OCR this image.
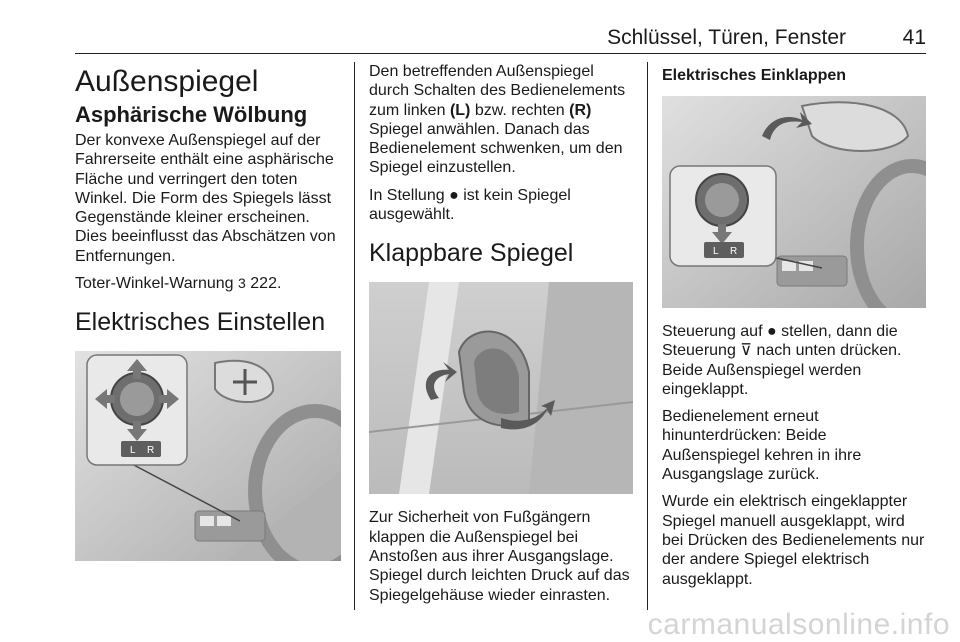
Schlüssel, Türen, Fenster	41
Außenspiegel
Asphärische Wölbung
Der konvexe Außenspiegel auf der Fahrerseite enthält eine asphärische Fläche und verringert den toten Winkel. Die Form des Spiegels lässt Gegenstände kleiner erscheinen. Dies beeinflusst das Abschätzen von Entfernungen.
Toter-Winkel-Warnung 3 222.
Elektrisches Einstellen
L R
Den betreffenden Außenspiegel durch Schalten des Bedienelements zum linken (L) bzw. rechten (R) Spiegel anwählen. Danach das Bedienelement schwenken, um den Spiegel einzustellen.
In Stellung ● ist kein Spiegel ausgewählt.
Klappbare Spiegel
Zur Sicherheit von Fußgängern klappen die Außenspiegel bei Anstoßen aus ihrer Ausgangslage. Spiegel durch leichten Druck auf das Spiegelgehäuse wieder einrasten.
Elektrisches Einklappen
L R
Steuerung auf ● stellen, dann die Steuerung ⊽ nach unten drücken. Beide Außenspiegel werden eingeklappt.
Bedienelement erneut hinunterdrücken: Beide Außenspiegel kehren in ihre Ausgangslage zurück.
Wurde ein elektrisch eingeklappter Spiegel manuell ausgeklappt, wird bei Drücken des Bedienelements nur der andere Spiegel elektrisch ausgeklappt.
carmanualsonline.info
